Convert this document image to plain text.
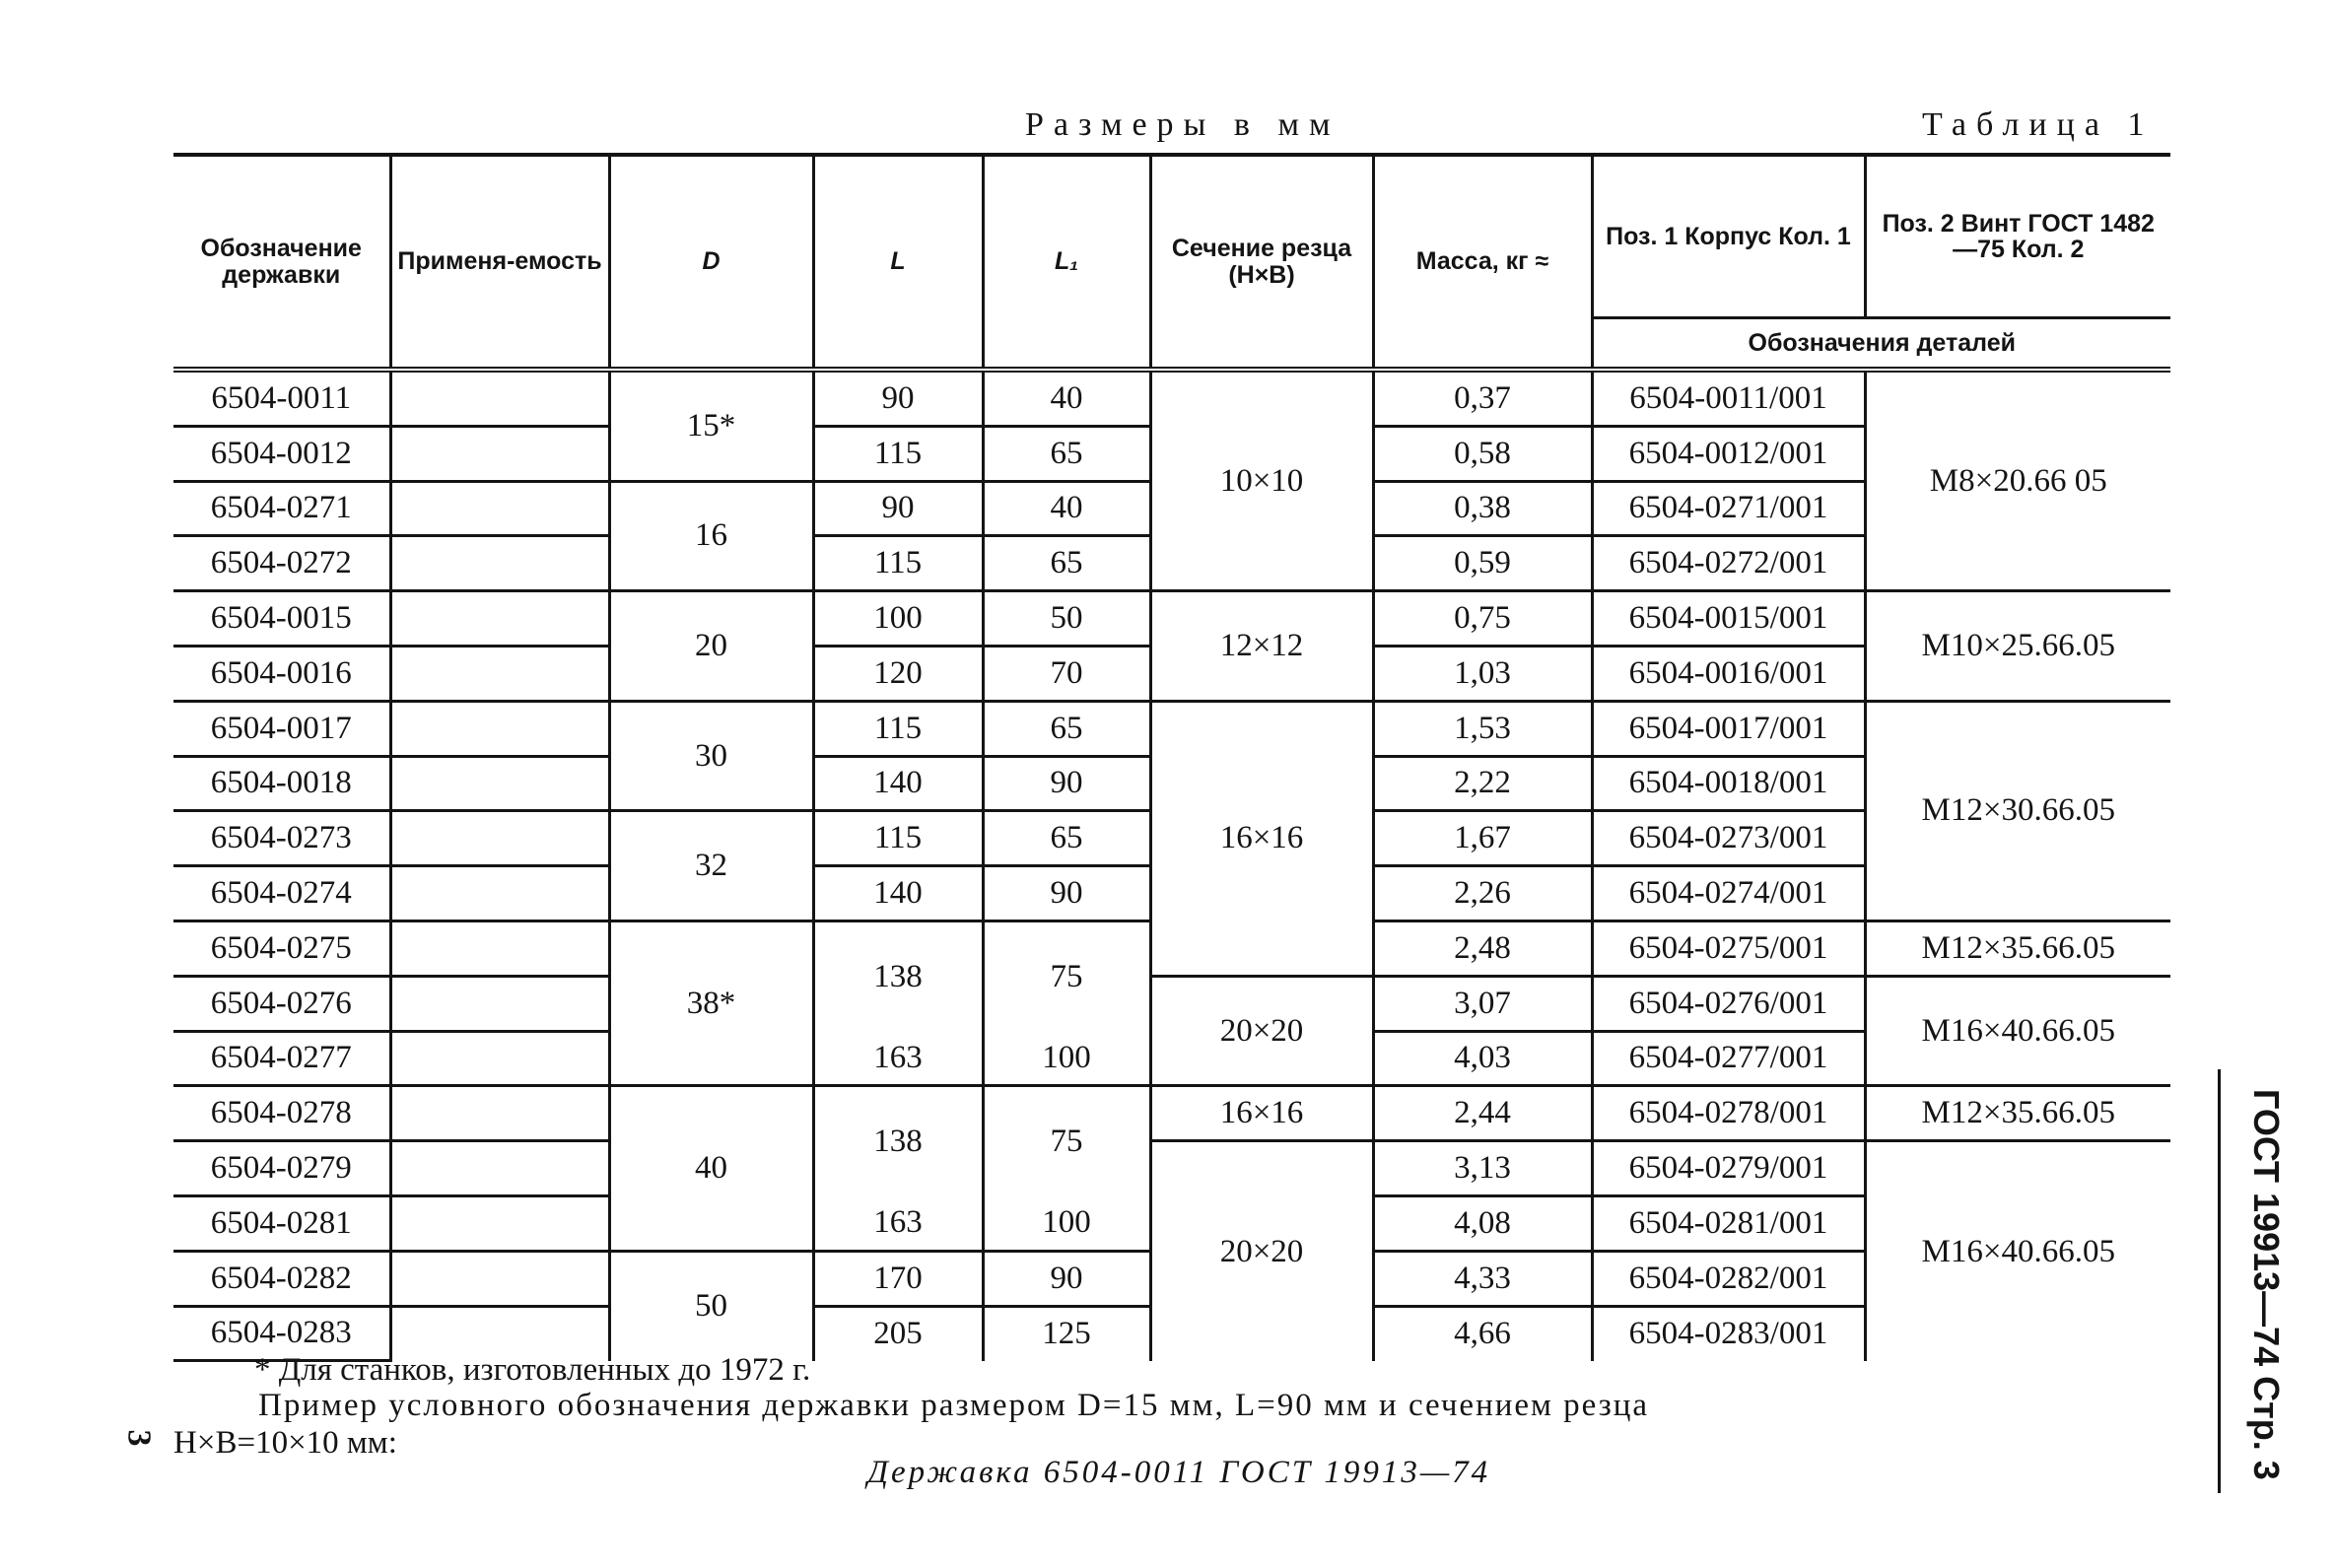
Размеры в мм	Таблица 1
Обозначение державки	Применя-емость	D	L	L₁	Сечение резца (H×B)	Масса, кг ≈	Поз. 1 Корпус Кол. 1	Поз. 2 Винт ГОСТ 1482—75 Кол. 2
							Обозначения деталей	
6504-0011		15*	90	40	10×10	0,37	6504-0011/001	M8×20.66 05
6504-0012			115	65		0,58	6504-0012/001	
6504-0271		16	90	40		0,38	6504-0271/001	
6504-0272			115	65		0,59	6504-0272/001	
6504-0015		20	100	50	12×12	0,75	6504-0015/001	M10×25.66.05
6504-0016			120	70		1,03	6504-0016/001	
6504-0017		30	115	65	16×16	1,53	6504-0017/001	M12×30.66.05
6504-0018			140	90		2,22	6504-0018/001	
6504-0273		32	115	65		1,67	6504-0273/001	
6504-0274			140	90		2,26	6504-0274/001	
6504-0275		38*	138	75		2,48	6504-0275/001	M12×35.66.05
6504-0276					20×20	3,07	6504-0276/001	M16×40.66.05
6504-0277			163	100		4,03	6504-0277/001	
6504-0278		40	138	75	16×16	2,44	6504-0278/001	M12×35.66.05
6504-0279					20×20	3,13	6504-0279/001	M16×40.66.05
6504-0281			163	100		4,08	6504-0281/001	
6504-0282		50	170	90		4,33	6504-0282/001	
6504-0283			205	125		4,66	6504-0283/001	
* Для станков, изготовленных до 1972 г.
Пример условного обозначения державки размером D=15 мм, L=90 мм и сечением резца
H×B=10×10 мм:
Державка 6504-0011 ГОСТ 19913—74
3	ГОСТ 19913—74 Стр. 3
